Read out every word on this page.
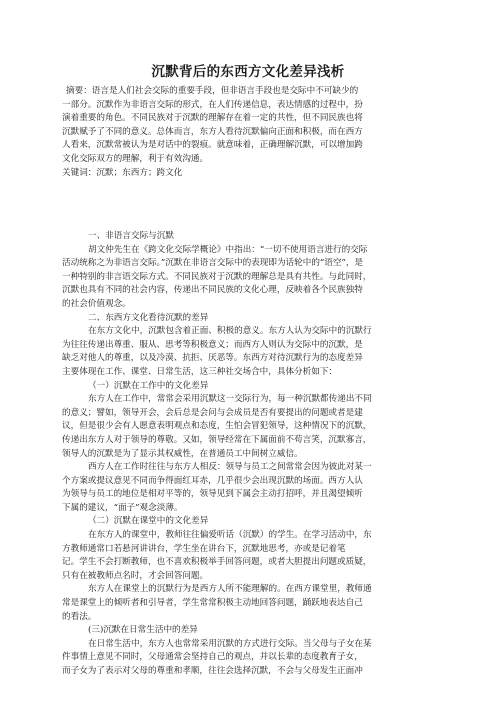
沉默背后的东西方文化差异浅析
摘要：语言是人们社会交际的重要手段，但非语言手段也是交际中不可缺少的
一部分。沉默作为非语言交际的形式，在人们传递信息，表达情感的过程中，扮
演着重要的角色。不同民族对于沉默的理解存在着一定的共性，但不同民族也将
沉默赋予了不同的意义。总体而言，东方人看待沉默偏向正面和积极，而在西方
人看来，沉默常被认为是对话中的裂痕。就意味着，正确理解沉默，可以增加跨
文化交际双方的理解，利于有效沟通。
关键词：沉默；东西方；跨文化
一、非语言交际与沉默
胡文仲先生在《跨文化交际学概论》中指出：“一切不使用语言进行的交际
活动统称之为非语言交际。”沉默在非语言交际中的表现即为话轮中的“语空”，是
一种特别的非言语交际方式。不同民族对于沉默的理解总是具有共性。与此同时，
沉默也具有不同的社会内容，传递出不同民族的文化心理，反映着各个民族独特
的社会价值观念。
二、东西方文化看待沉默的差异
在东方文化中，沉默包含着正面、积极的意义。东方人认为交际中的沉默行
为往往传递出尊重、服从、思考等积极意义；而西方人则认为交际中的沉默，是
缺乏对他人的尊重，以及冷漠、抗拒、厌恶等。东西方对待沉默行为的态度差异
主要体现在工作、课堂、日常生活，这三种社交场合中，具体分析如下：
（一）沉默在工作中的文化差异
东方人在工作中，常常会采用沉默这一交际行为，每一种沉默都传递出不同
的意义；譬如，领导开会，会后总是会问与会成员是否有要提出的问题或者是建
议，但是很少会有人愿意表明观点和态度，生怕会冒犯领导，这种情况下的沉默，
传递出东方人对于领导的尊敬。又如，领导经常在下属面前不苟言笑，沉默寡言，
领导人的沉默是为了显示其权威性，在普通员工中间树立威信。
西方人在工作时往往与东方人相反：领导与员工之间常常会因为彼此对某一
个方案或提议意见不同而争得面红耳赤，几乎很少会出现沉默的场面。西方人认
为领导与员工的地位是相对平等的，领导见到下属会主动打招呼，并且渴望倾听
下属的建议，“面子”观念淡薄。
（二）沉默在课堂中的文化差异
在东方人的课堂中，教师往往偏爱听话（沉默）的学生。在学习活动中，东
方教师通常口若悬河讲讲台，学生坐在讲台下，沉默地思考，亦或是记着笔
记。学生不会打断教师，也不喜欢积极举手回答问题，或者大胆提出问题或质疑，
只有在被教师点名时，才会回答问题。
东方人在课堂上的沉默行为是西方人所不能理解的。在西方课堂里，教师通
常是课堂上的倾听者和引导者，学生常常积极主动地回答问题，踊跃地表达自己
的看法。
(三)沉默在日常生活中的差异
在日常生活中，东方人也常常采用沉默的方式进行交际。当父母与子女在某
件事情上意见不同时，父母通常会坚持自己的观点，并以长辈的态度教育子女，
而子女为了表示对父母的尊重和孝顺，往往会选择沉默，不会与父母发生正面冲
